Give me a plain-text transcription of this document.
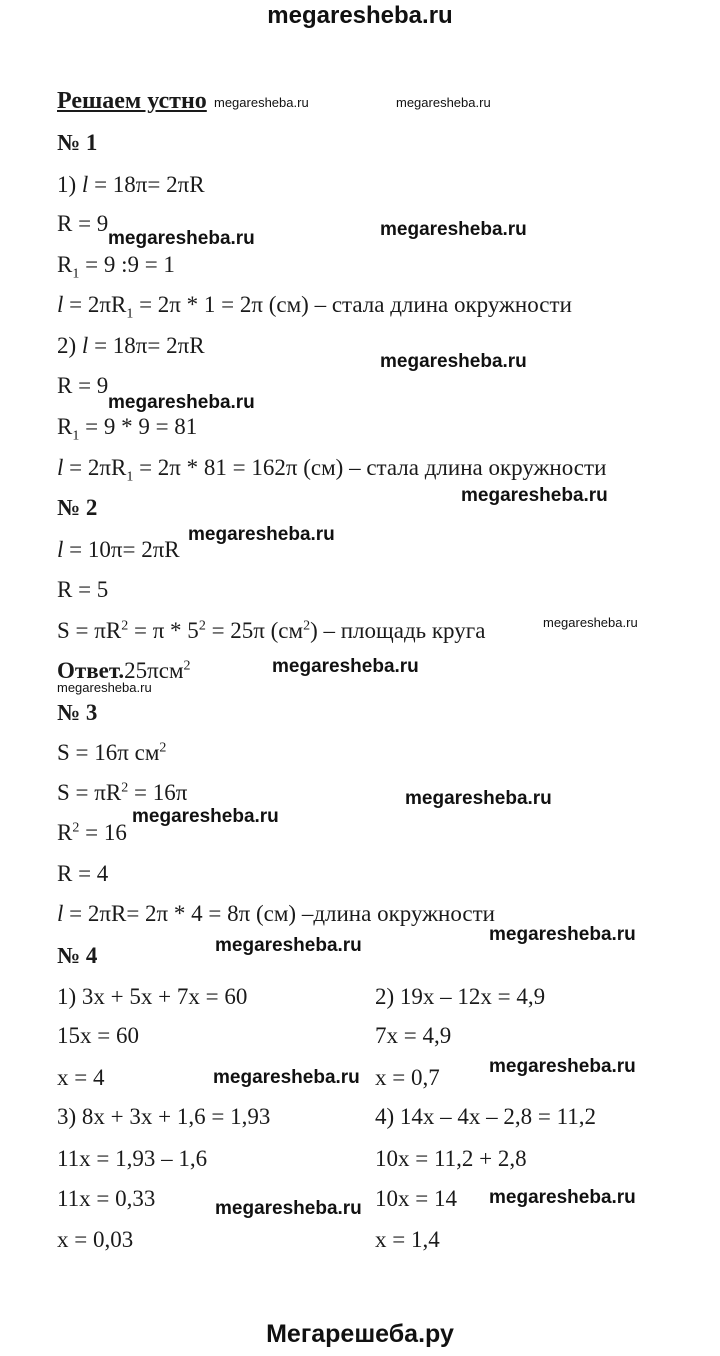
megaresheba.ru
Решаем устно
№ 1
1) l = 18π= 2πR
R = 9
$R_1 = 9$ :9 = 1
$l = 2\pi R_1 = 2\pi * 1 = 2\pi$ (см) – стала длина окружности
2) l = 18π= 2πR
R = 9
$R_1 = 9 * 9 = 81$
$l = 2\pi R_1 = 2\pi * 81 = 162\pi$ (см) – стала длина окружности
№ 2
l = 10π= 2πR
R = 5
$S = \pi R^2 = \pi * 5^2 = 25\pi$ $(см^2)$ – площадь круга
Ответ.25πсм$^2$
№ 3
S = 16π $см^2$
$S = \pi R^2 = 16\pi$
$R^2 = 16$
R = 4
l = 2πR= 2π * 4 = 8π (см) –длина окружности
№ 4
1) 3x + 5x + 7x = 60
15x = 60
x = 4
3) 8x + 3x + 1,6 = 1,93
11x = 1,93 – 1,6
11x = 0,33
x = 0,03
2) 19x – 12x = 4,9
7x = 4,9
x = 0,7
4) 14x – 4x – 2,8 = 11,2
10x = 11,2 + 2,8
10x = 14
x = 1,4
megaresheba.ru	megaresheba.ru
megaresheba.ru	megaresheba.ru
megaresheba.ru
megaresheba.ru
megaresheba.ru
megaresheba.ru
megaresheba.ru
megaresheba.ru
megaresheba.ru
megaresheba.ru
megaresheba.ru
megaresheba.ru
megaresheba.ru
megaresheba.ru
megaresheba.ru
megaresheba.ru
megaresheba.ru
Мегарешеба.ру
